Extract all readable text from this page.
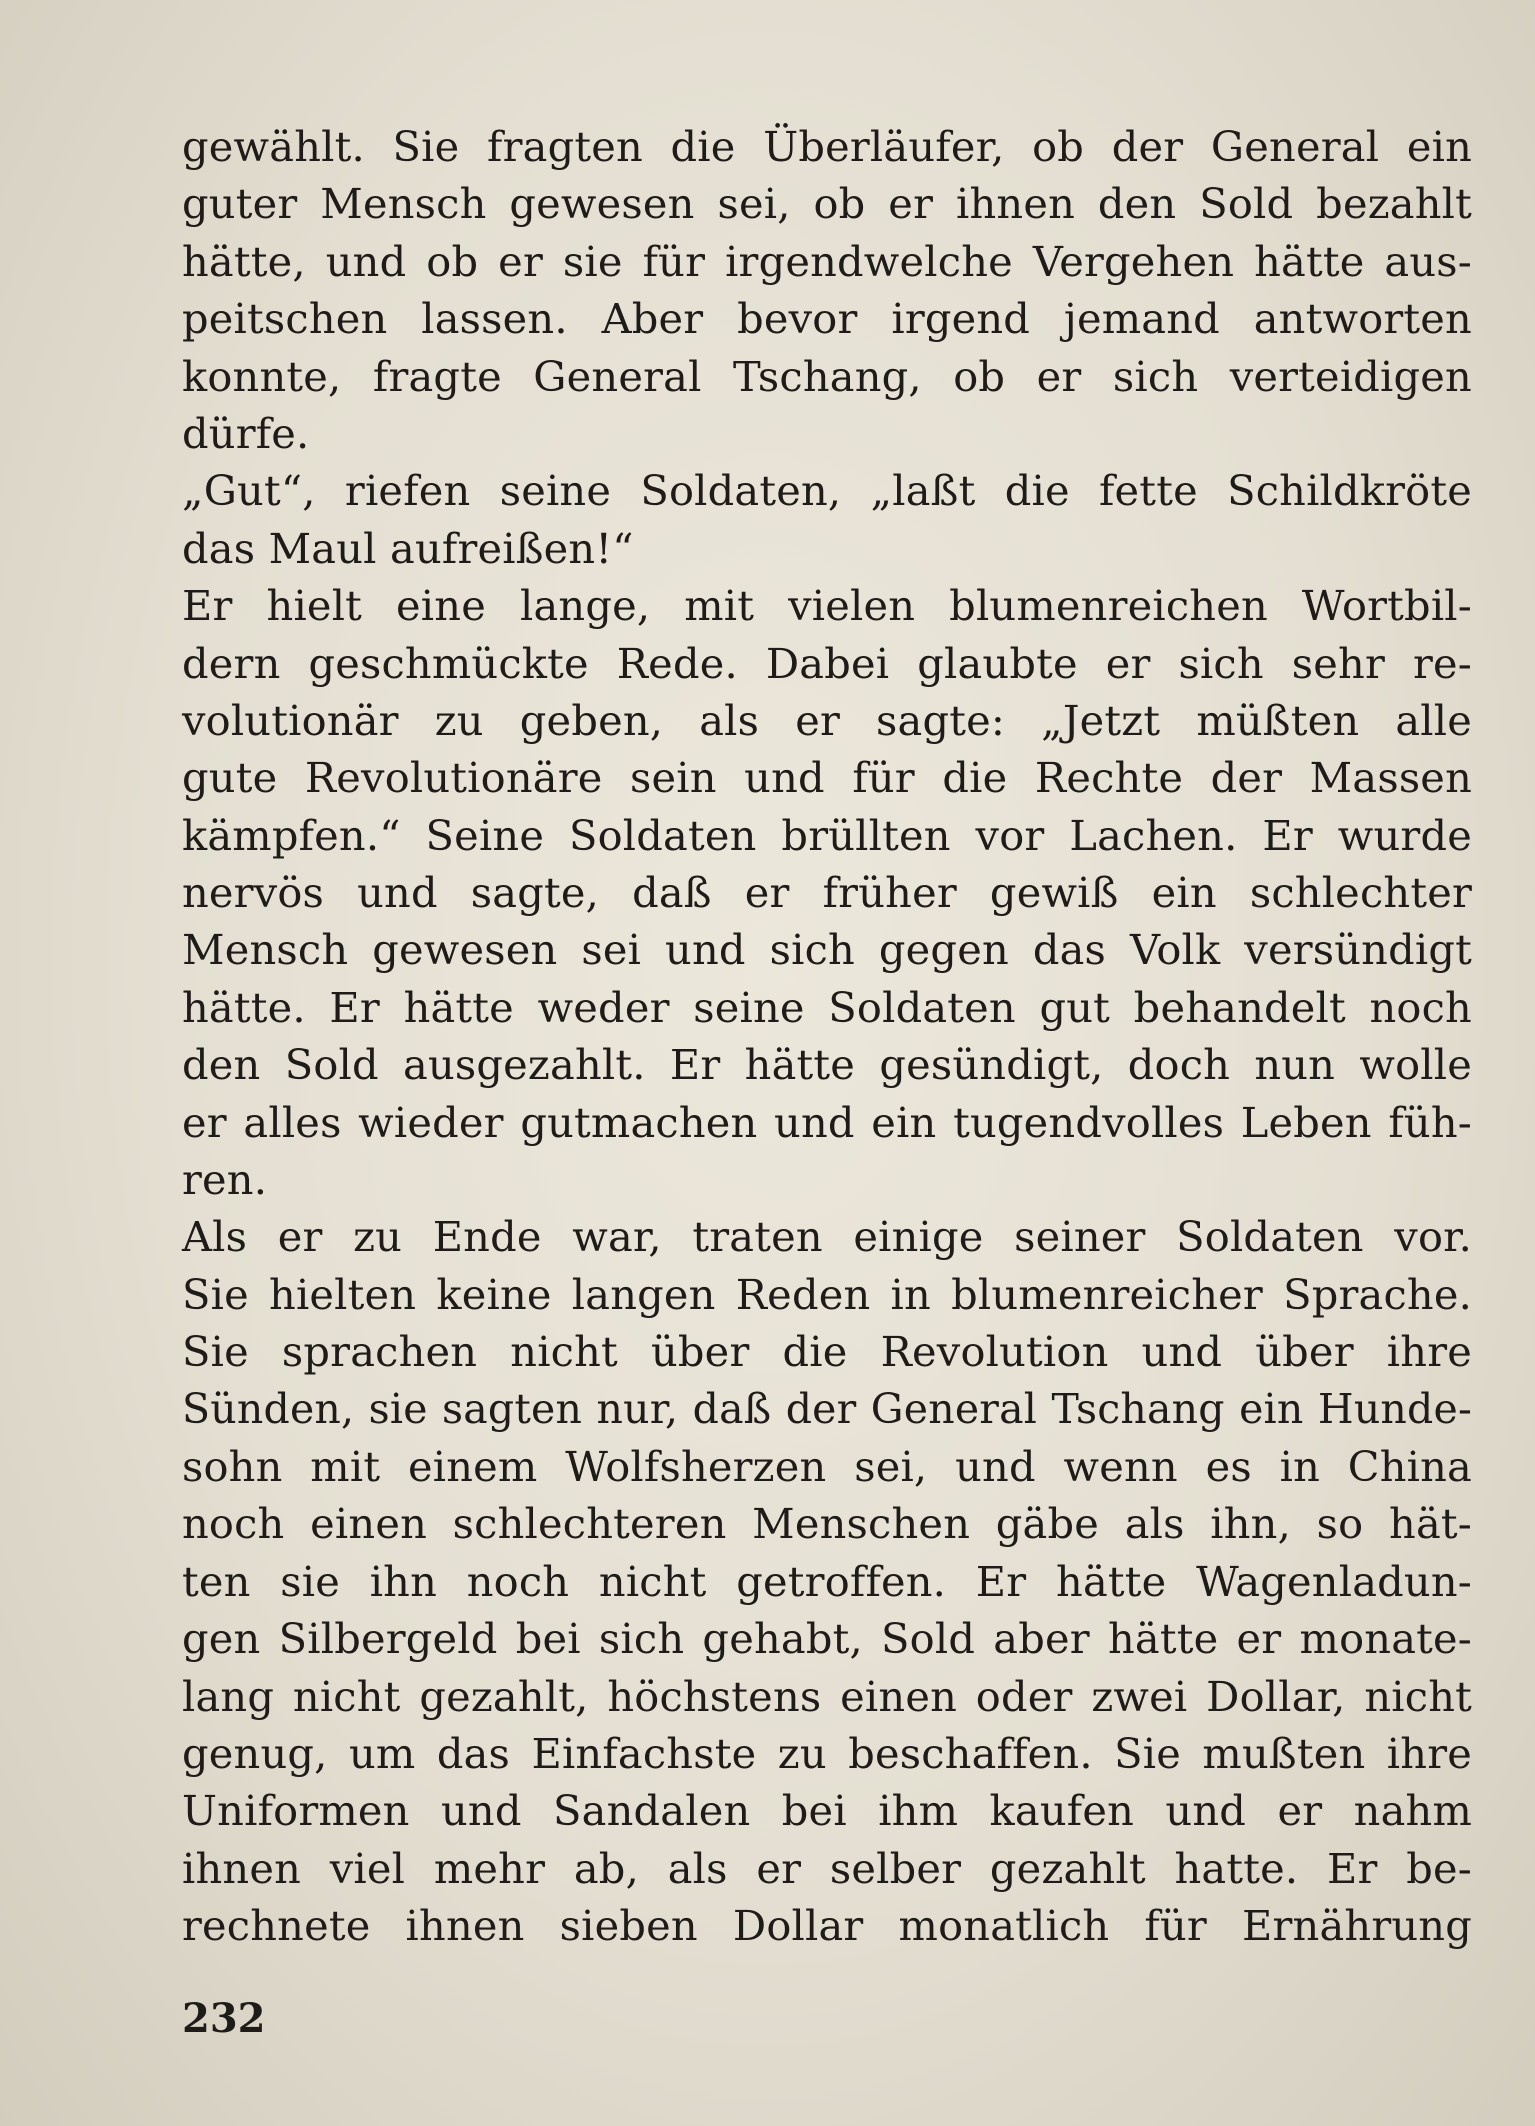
gewählt. Sie fragten die Überläufer, ob der General ein
guter Mensch gewesen sei, ob er ihnen den Sold bezahlt
hätte, und ob er sie für irgendwelche Vergehen hätte aus-
peitschen lassen. Aber bevor irgend jemand antworten
konnte, fragte General Tschang, ob er sich verteidigen
dürfe.
„Gut“, riefen seine Soldaten, „laßt die fette Schildkröte
das Maul aufreißen!“
Er hielt eine lange, mit vielen blumenreichen Wortbil-
dern geschmückte Rede. Dabei glaubte er sich sehr re-
volutionär zu geben, als er sagte: „Jetzt müßten alle
gute Revolutionäre sein und für die Rechte der Massen
kämpfen.“ Seine Soldaten brüllten vor Lachen. Er wurde
nervös und sagte, daß er früher gewiß ein schlechter
Mensch gewesen sei und sich gegen das Volk versündigt
hätte. Er hätte weder seine Soldaten gut behandelt noch
den Sold ausgezahlt. Er hätte gesündigt, doch nun wolle
er alles wieder gutmachen und ein tugendvolles Leben füh-
ren.
Als er zu Ende war, traten einige seiner Soldaten vor.
Sie hielten keine langen Reden in blumenreicher Sprache.
Sie sprachen nicht über die Revolution und über ihre
Sünden, sie sagten nur, daß der General Tschang ein Hunde-
sohn mit einem Wolfsherzen sei, und wenn es in China
noch einen schlechteren Menschen gäbe als ihn, so hät-
ten sie ihn noch nicht getroffen. Er hätte Wagenladun-
gen Silbergeld bei sich gehabt, Sold aber hätte er monate-
lang nicht gezahlt, höchstens einen oder zwei Dollar, nicht
genug, um das Einfachste zu beschaffen. Sie mußten ihre
Uniformen und Sandalen bei ihm kaufen und er nahm
ihnen viel mehr ab, als er selber gezahlt hatte. Er be-
rechnete ihnen sieben Dollar monatlich für Ernährung
232
